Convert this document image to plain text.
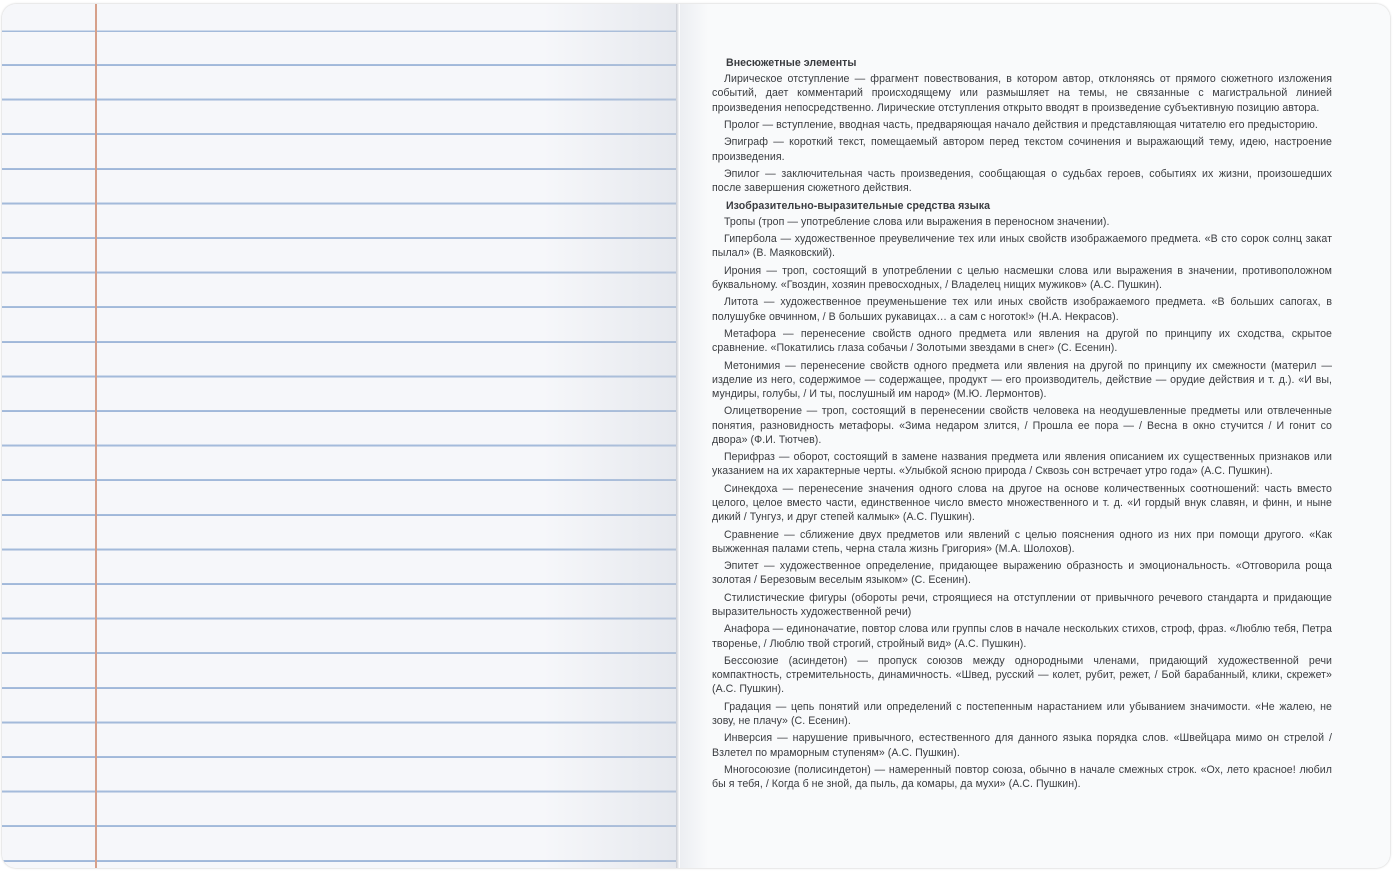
Внесюжетные элементы
Лирическое отступление — фрагмент повествования, в котором автор, отклоняясь от прямого сюжетного изложения событий, дает комментарий происходящему или размышляет на темы, не связанные с магистральной линией произведения непосредственно. Лирические отступления открыто вводят в произведение субъективную позицию автора.
Пролог — вступление, вводная часть, предваряющая начало действия и представляющая читателю его предысторию.
Эпиграф — короткий текст, помещаемый автором перед текстом сочинения и выражающий тему, идею, настроение произведения.
Эпилог — заключительная часть произведения, сообщающая о судьбах героев, событиях их жизни, произошедших после завершения сюжетного действия.
Изобразительно-выразительные средства языка
Тропы (троп — употребление слова или выражения в переносном значении).
Гипербола — художественное преувеличение тех или иных свойств изображаемого предмета. «В сто сорок солнц закат пылал» (В. Маяковский).
Ирония — троп, состоящий в употреблении с целью насмешки слова или выражения в значении, противоположном буквальному. «Гвоздин, хозяин превосходных, / Владелец нищих мужиков» (А.С. Пушкин).
Литота — художественное преуменьшение тех или иных свойств изображаемого предмета. «В больших сапогах, в полушубке овчинном, / В больших рукавицах… а сам с ноготок!» (Н.А. Некрасов).
Метафора — перенесение свойств одного предмета или явления на другой по принципу их сходства, скрытое сравнение. «Покатились глаза собачьи / Золотыми звездами в снег» (С. Есенин).
Метонимия — перенесение свойств одного предмета или явления на другой по принципу их смежности (материл — изделие из него, содержимое — содержащее, продукт — его производитель, действие — орудие действия и т. д.). «И вы, мундиры, голубы, / И ты, послушный им народ» (М.Ю. Лермонтов).
Олицетворение — троп, состоящий в перенесении свойств человека на неодушевленные предметы или отвлеченные понятия, разновидность метафоры. «Зима недаром злится, / Прошла ее пора — / Весна в окно стучится / И гонит со двора» (Ф.И. Тютчев).
Перифраз — оборот, состоящий в замене названия предмета или явления описанием их существенных признаков или указанием на их характерные черты. «Улыбкой ясною природа / Сквозь сон встречает утро года» (А.С. Пушкин).
Синекдоха — перенесение значения одного слова на другое на основе количественных соотношений: часть вместо целого, целое вместо части, единственное число вместо множественного и т. д. «И гордый внук славян, и финн, и ныне дикий / Тунгуз, и друг степей калмык» (А.С. Пушкин).
Сравнение — сближение двух предметов или явлений с целью пояснения одного из них при помощи другого. «Как выжженная палами степь, черна стала жизнь Григория» (М.А. Шолохов).
Эпитет — художественное определение, придающее выражению образность и эмоциональность. «Отговорила роща золотая / Березовым веселым языком» (С. Есенин).
Стилистические фигуры (обороты речи, строящиеся на отступлении от привычного речевого стандарта и придающие выразительность художественной речи)
Анафора — единоначатие, повтор слова или группы слов в начале нескольких стихов, строф, фраз. «Люблю тебя, Петра творенье, / Люблю твой строгий, стройный вид» (А.С. Пушкин).
Бессоюзие (асиндетон) — пропуск союзов между однородными членами, придающий художественной речи компактность, стремительность, динамичность. «Швед, русский — колет, рубит, режет, / Бой барабанный, клики, скрежет» (А.С. Пушкин).
Градация — цепь понятий или определений с постепенным нарастанием или убыванием значимости. «Не жалею, не зову, не плачу» (С. Есенин).
Инверсия — нарушение привычного, естественного для данного языка порядка слов. «Швейцара мимо он стрелой / Взлетел по мраморным ступеням» (А.С. Пушкин).
Многосоюзие (полисиндетон) — намеренный повтор союза, обычно в начале смежных строк. «Ох, лето красное! любил бы я тебя, / Когда б не зной, да пыль, да комары, да мухи» (А.С. Пушкин).
